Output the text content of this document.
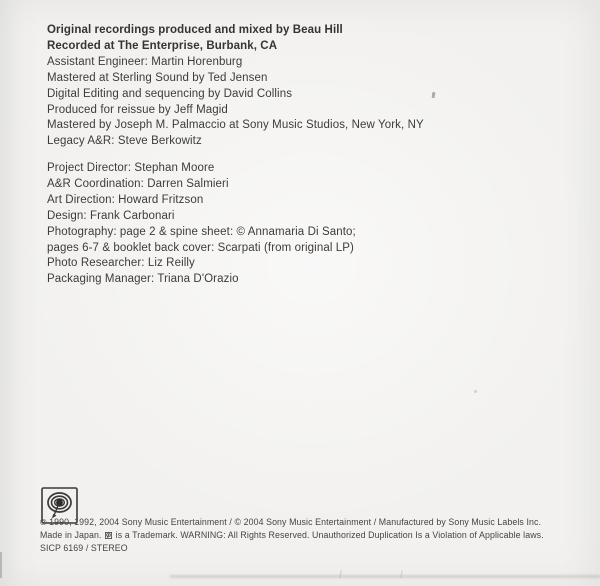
Original recordings produced and mixed by Beau Hill
Recorded at The Enterprise, Burbank, CA
Assistant Engineer: Martin Horenburg
Mastered at Sterling Sound by Ted Jensen
Digital Editing and sequencing by David Collins
Produced for reissue by Jeff Magid
Mastered by Joseph M. Palmaccio at Sony Music Studios, New York, NY
Legacy A&R: Steve Berkowitz
Project Director: Stephan Moore
A&R Coordination: Darren Salmieri
Art Direction: Howard Fritzson
Design: Frank Carbonari
Photography: page 2 & spine sheet: © Annamaria Di Santo;
pages 6-7 & booklet back cover: Scarpati (from original LP)
Photo Researcher: Liz Reilly
Packaging Manager: Triana D'Orazio
℗ 1990, 1992, 2004 Sony Music Entertainment / © 2004 Sony Music Entertainment / Manufactured by Sony Music Labels Inc.
Made in Japan. is a Trademark. WARNING: All Rights Reserved. Unauthorized Duplication Is a Violation of Applicable laws.
SICP 6169 / STEREO
